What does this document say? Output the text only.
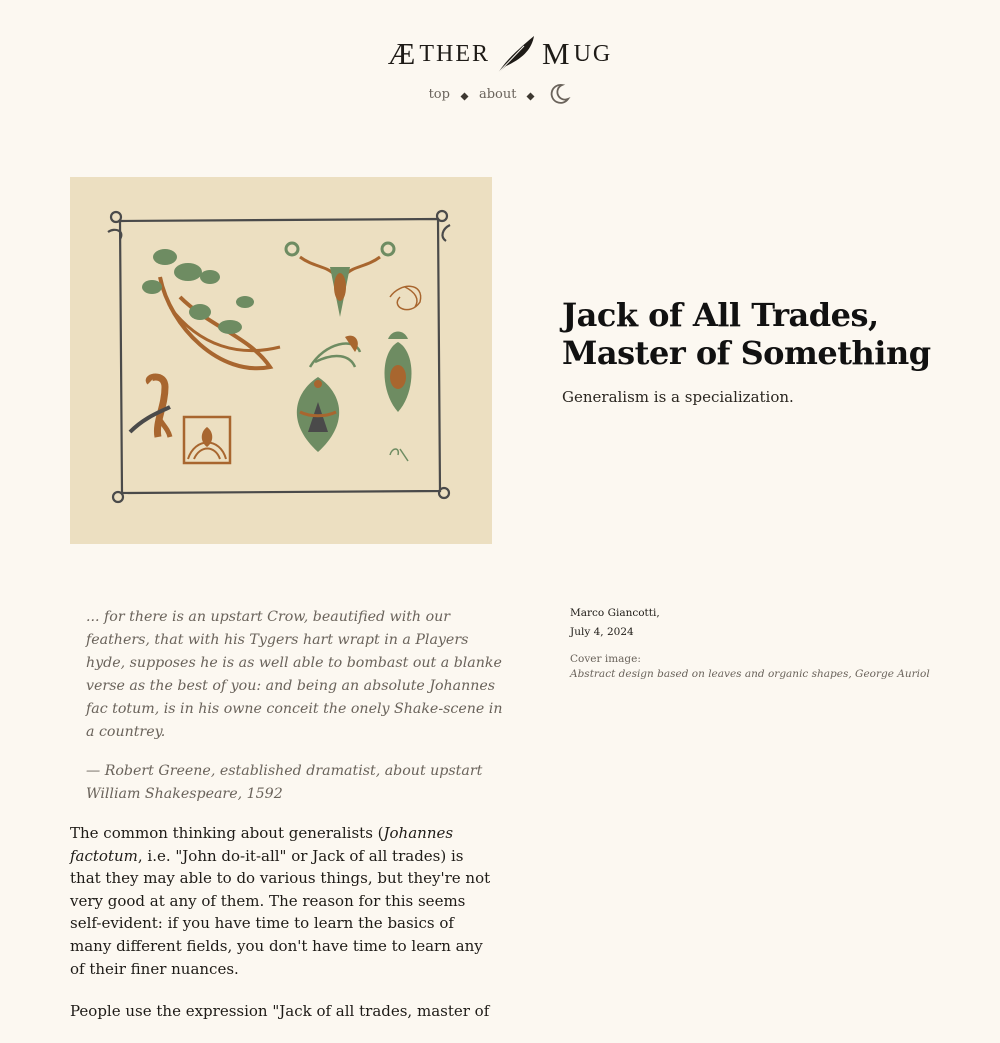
Æ THER M UG
top about
Jack of All Trades,
Master of Something

Generalism is a specialization.

Marco Giancotti,
July 4, 2024
Cover image:
Abstract design based on leaves and organic shapes, George Auriol

... for there is an upstart Crow, beautified with our feathers, that with his Tygers hart wrapt in a Players hyde, supposes he is as well able to bombast out a blanke verse as the best of you: and being an absolute Johannes fac totum, is in his owne conceit the onely Shake-scene in a countrey.

— Robert Greene, established dramatist, about upstart William Shakespeare, 1592

The common thinking about generalists (Johannes factotum, i.e. "John do-it-all" or Jack of all trades) is that they may able to do various things, but they're not very good at any of them. The reason for this seems self-evident: if you have time to learn the basics of many different fields, you don't have time to learn any of their finer nuances.

People use the expression "Jack of all trades, master of
